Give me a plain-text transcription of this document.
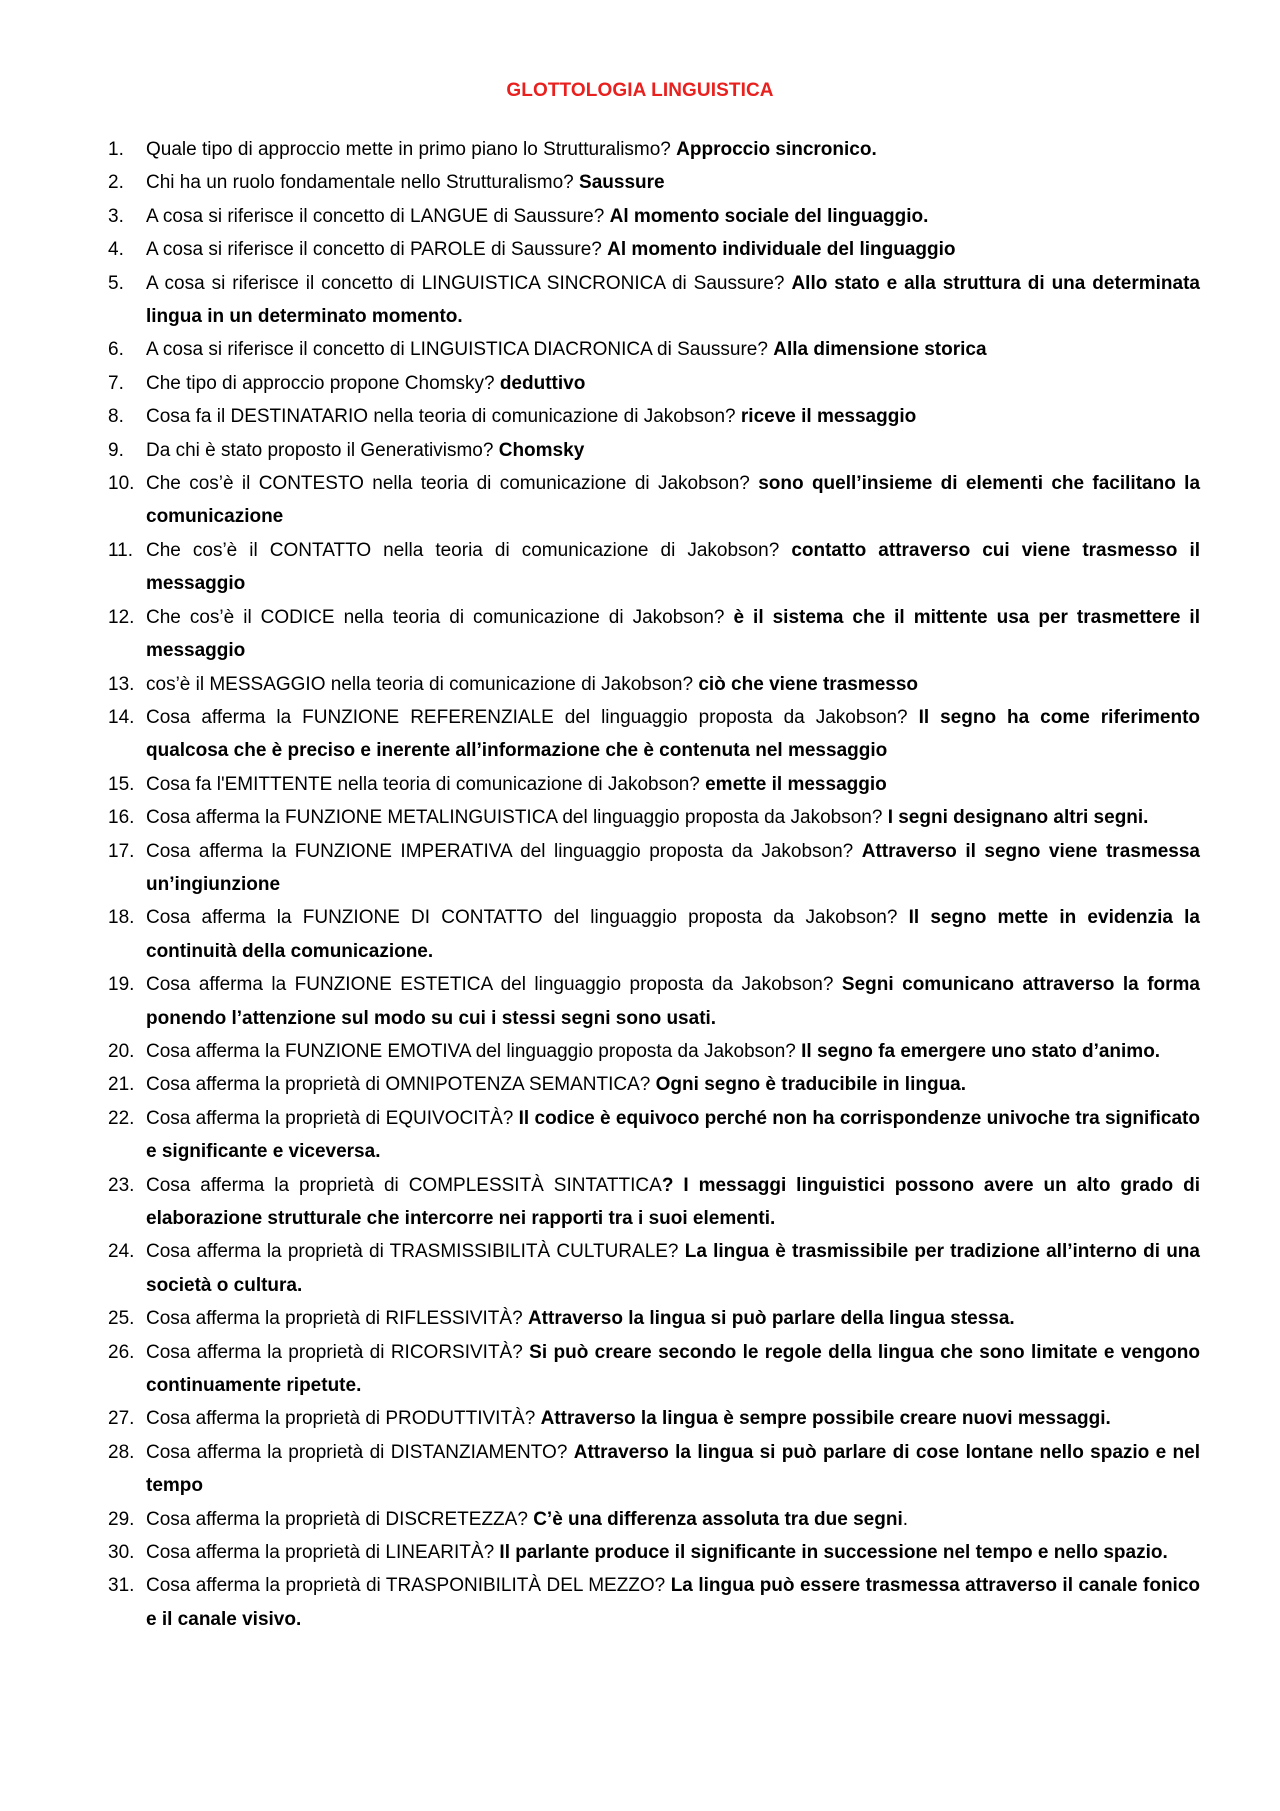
GLOTTOLOGIA LINGUISTICA
1.	Quale tipo di approccio mette in primo piano lo Strutturalismo? Approccio sincronico.
2.	Chi ha un ruolo fondamentale nello Strutturalismo? Saussure
3.	A cosa si riferisce il concetto di LANGUE di Saussure? Al momento sociale del linguaggio.
4.	A cosa si riferisce il concetto di PAROLE di Saussure? Al momento individuale del linguaggio
5.	A cosa si riferisce il concetto di LINGUISTICA SINCRONICA di Saussure? Allo stato e alla struttura di una determinata lingua in un determinato momento.
6.	A cosa si riferisce il concetto di LINGUISTICA DIACRONICA di Saussure? Alla dimensione storica
7.	Che tipo di approccio propone Chomsky? deduttivo
8.	Cosa fa il DESTINATARIO nella teoria di comunicazione di Jakobson? riceve il messaggio
9.	Da chi è stato proposto il Generativismo? Chomsky
10. Che cos’è il CONTESTO nella teoria di comunicazione di Jakobson? sono quell’insieme di elementi che facilitano la comunicazione
11. Che cos’è il CONTATTO nella teoria di comunicazione di Jakobson? contatto attraverso cui viene trasmesso il messaggio
12. Che cos’è il CODICE nella teoria di comunicazione di Jakobson? è il sistema che il mittente usa per trasmettere il messaggio
13. cos’è il MESSAGGIO nella teoria di comunicazione di Jakobson? ciò che viene trasmesso
14. Cosa afferma la FUNZIONE REFERENZIALE del linguaggio proposta da Jakobson? Il segno ha come riferimento qualcosa che è preciso e inerente all’informazione che è contenuta nel messaggio
15. Cosa fa l'EMITTENTE nella teoria di comunicazione di Jakobson? emette il messaggio
16. Cosa afferma la FUNZIONE METALINGUISTICA del linguaggio proposta da Jakobson? I segni designano altri segni.
17. Cosa afferma la FUNZIONE IMPERATIVA del linguaggio proposta da Jakobson? Attraverso il segno viene trasmessa un’ingiunzione
18. Cosa afferma la FUNZIONE DI CONTATTO del linguaggio proposta da Jakobson? Il segno mette in evidenzia la continuità della comunicazione.
19. Cosa afferma la FUNZIONE ESTETICA del linguaggio proposta da Jakobson? Segni comunicano attraverso la forma ponendo l’attenzione sul modo su cui i stessi segni sono usati.
20. Cosa afferma la FUNZIONE EMOTIVA del linguaggio proposta da Jakobson? Il segno fa emergere uno stato d’animo.
21. Cosa afferma la proprietà di OMNIPOTENZA SEMANTICA? Ogni segno è traducibile in lingua.
22. Cosa afferma la proprietà di EQUIVOCITÀ? Il codice è equivoco perché non ha corrispondenze univoche tra significato e significante e viceversa.
23. Cosa afferma la proprietà di COMPLESSITÀ SINTATTICA? I messaggi linguistici possono avere un alto grado di elaborazione strutturale che intercorre nei rapporti tra i suoi elementi.
24. Cosa afferma la proprietà di TRASMISSIBILITÀ CULTURALE? La lingua è trasmissibile per tradizione all’interno di una società o cultura.
25. Cosa afferma la proprietà di RIFLESSIVITÀ? Attraverso la lingua si può parlare della lingua stessa.
26. Cosa afferma la proprietà di RICORSIVITÀ? Si può creare secondo le regole della lingua che sono limitate e vengono continuamente ripetute.
27. Cosa afferma la proprietà di PRODUTTIVITÀ? Attraverso la lingua è sempre possibile creare nuovi messaggi.
28. Cosa afferma la proprietà di DISTANZIAMENTO? Attraverso la lingua si può parlare di cose lontane nello spazio e nel tempo
29. Cosa afferma la proprietà di DISCRETEZZA? C’è una differenza assoluta tra due segni.
30. Cosa afferma la proprietà di LINEARITÀ? Il parlante produce il significante in successione nel tempo e nello spazio.
31. Cosa afferma la proprietà di TRASPONIBILITÀ DEL MEZZO? La lingua può essere trasmessa attraverso il canale fonico e il canale visivo.
